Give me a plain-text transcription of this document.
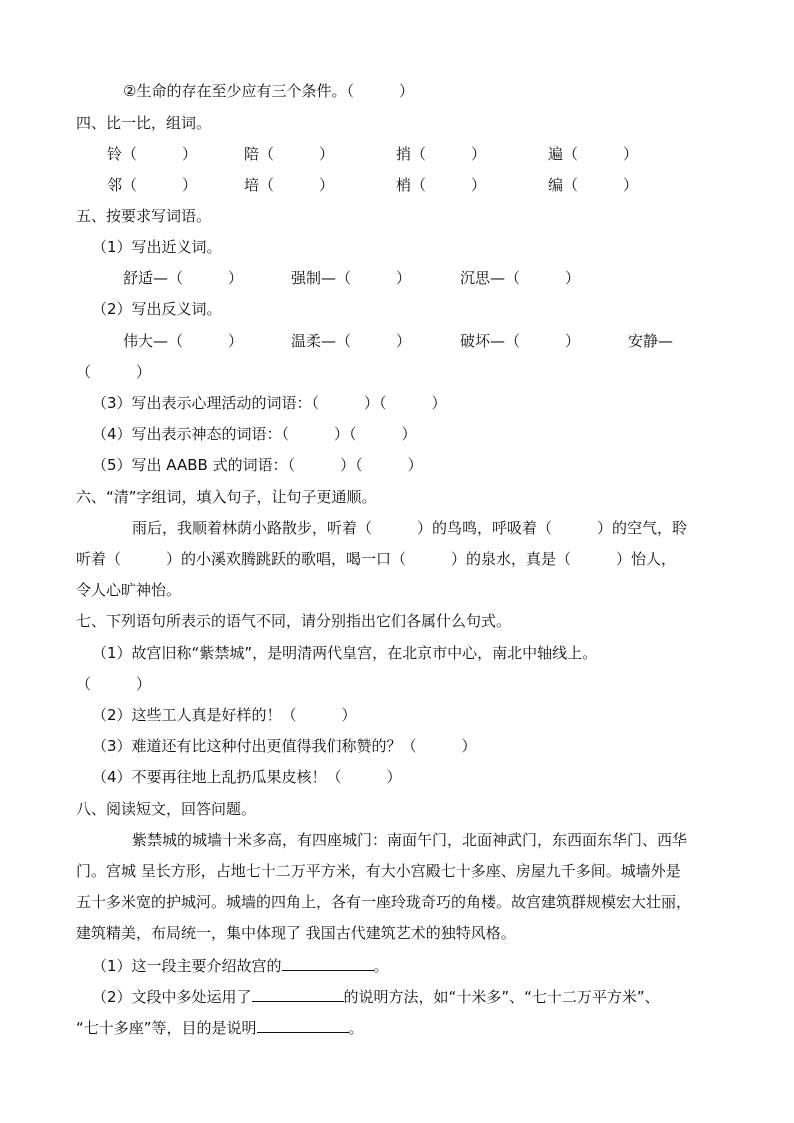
②生命的存在至少应有三个条件。（　　　）
四、比一比，组词。
铃（　　　）	陪（　　　）	捎（　　　）	遍（　　　）
邻（　　　）	培（　　　）	梢（　　　）	编（　　　）
五、按要求写词语。
（1）写出近义词。
舒适—（　　　）	强制—（　　　）	沉思—（　　　）
（2）写出反义词。
伟大—（　　　）	温柔—（　　　）	破坏—（　　　）	安静—
（　　　）
（3）写出表示心理活动的词语：（　　　）（　　　）
（4）写出表示神态的词语：（　　　）（　　　）
（5）写出 AABB 式的词语：（　　　）（　　　）
六、“清”字组词，填入句子，让句子更通顺。
雨后，我顺着林荫小路散步，听着（　　　）的鸟鸣，呼吸着（　　　）的空气，聆
听着（　　　）的小溪欢腾跳跃的歌唱，喝一口（　　　）的泉水，真是（　　　）怡人，
令人心旷神怡。
七、下列语句所表示的语气不同，请分别指出它们各属什么句式。
（1）故宫旧称“紫禁城”，是明清两代皇宫，在北京市中心，南北中轴线上。
（　　　）
（2）这些工人真是好样的！（　　　）
（3）难道还有比这种付出更值得我们称赞的？（　　　）
（4）不要再往地上乱扔瓜果皮核！（　　　）
八、阅读短文，回答问题。
紫禁城的城墙十米多高，有四座城门：南面午门，北面神武门，东西面东华门、西华
门。宫城 呈长方形，占地七十二万平方米，有大小宫殿七十多座、房屋九千多间。城墙外是
五十多米宽的护城河。城墙的四角上，各有一座玲珑奇巧的角楼。故宫建筑群规模宏大壮丽，
建筑精美，布局统一，集中体现了 我国古代建筑艺术的独特风格。
（1）这一段主要介绍故宫的	。
（2）文段中多处运用了	的说明方法，如“十米多”、“七十二万平方米”、
“七十多座”等，目的是说明	。
